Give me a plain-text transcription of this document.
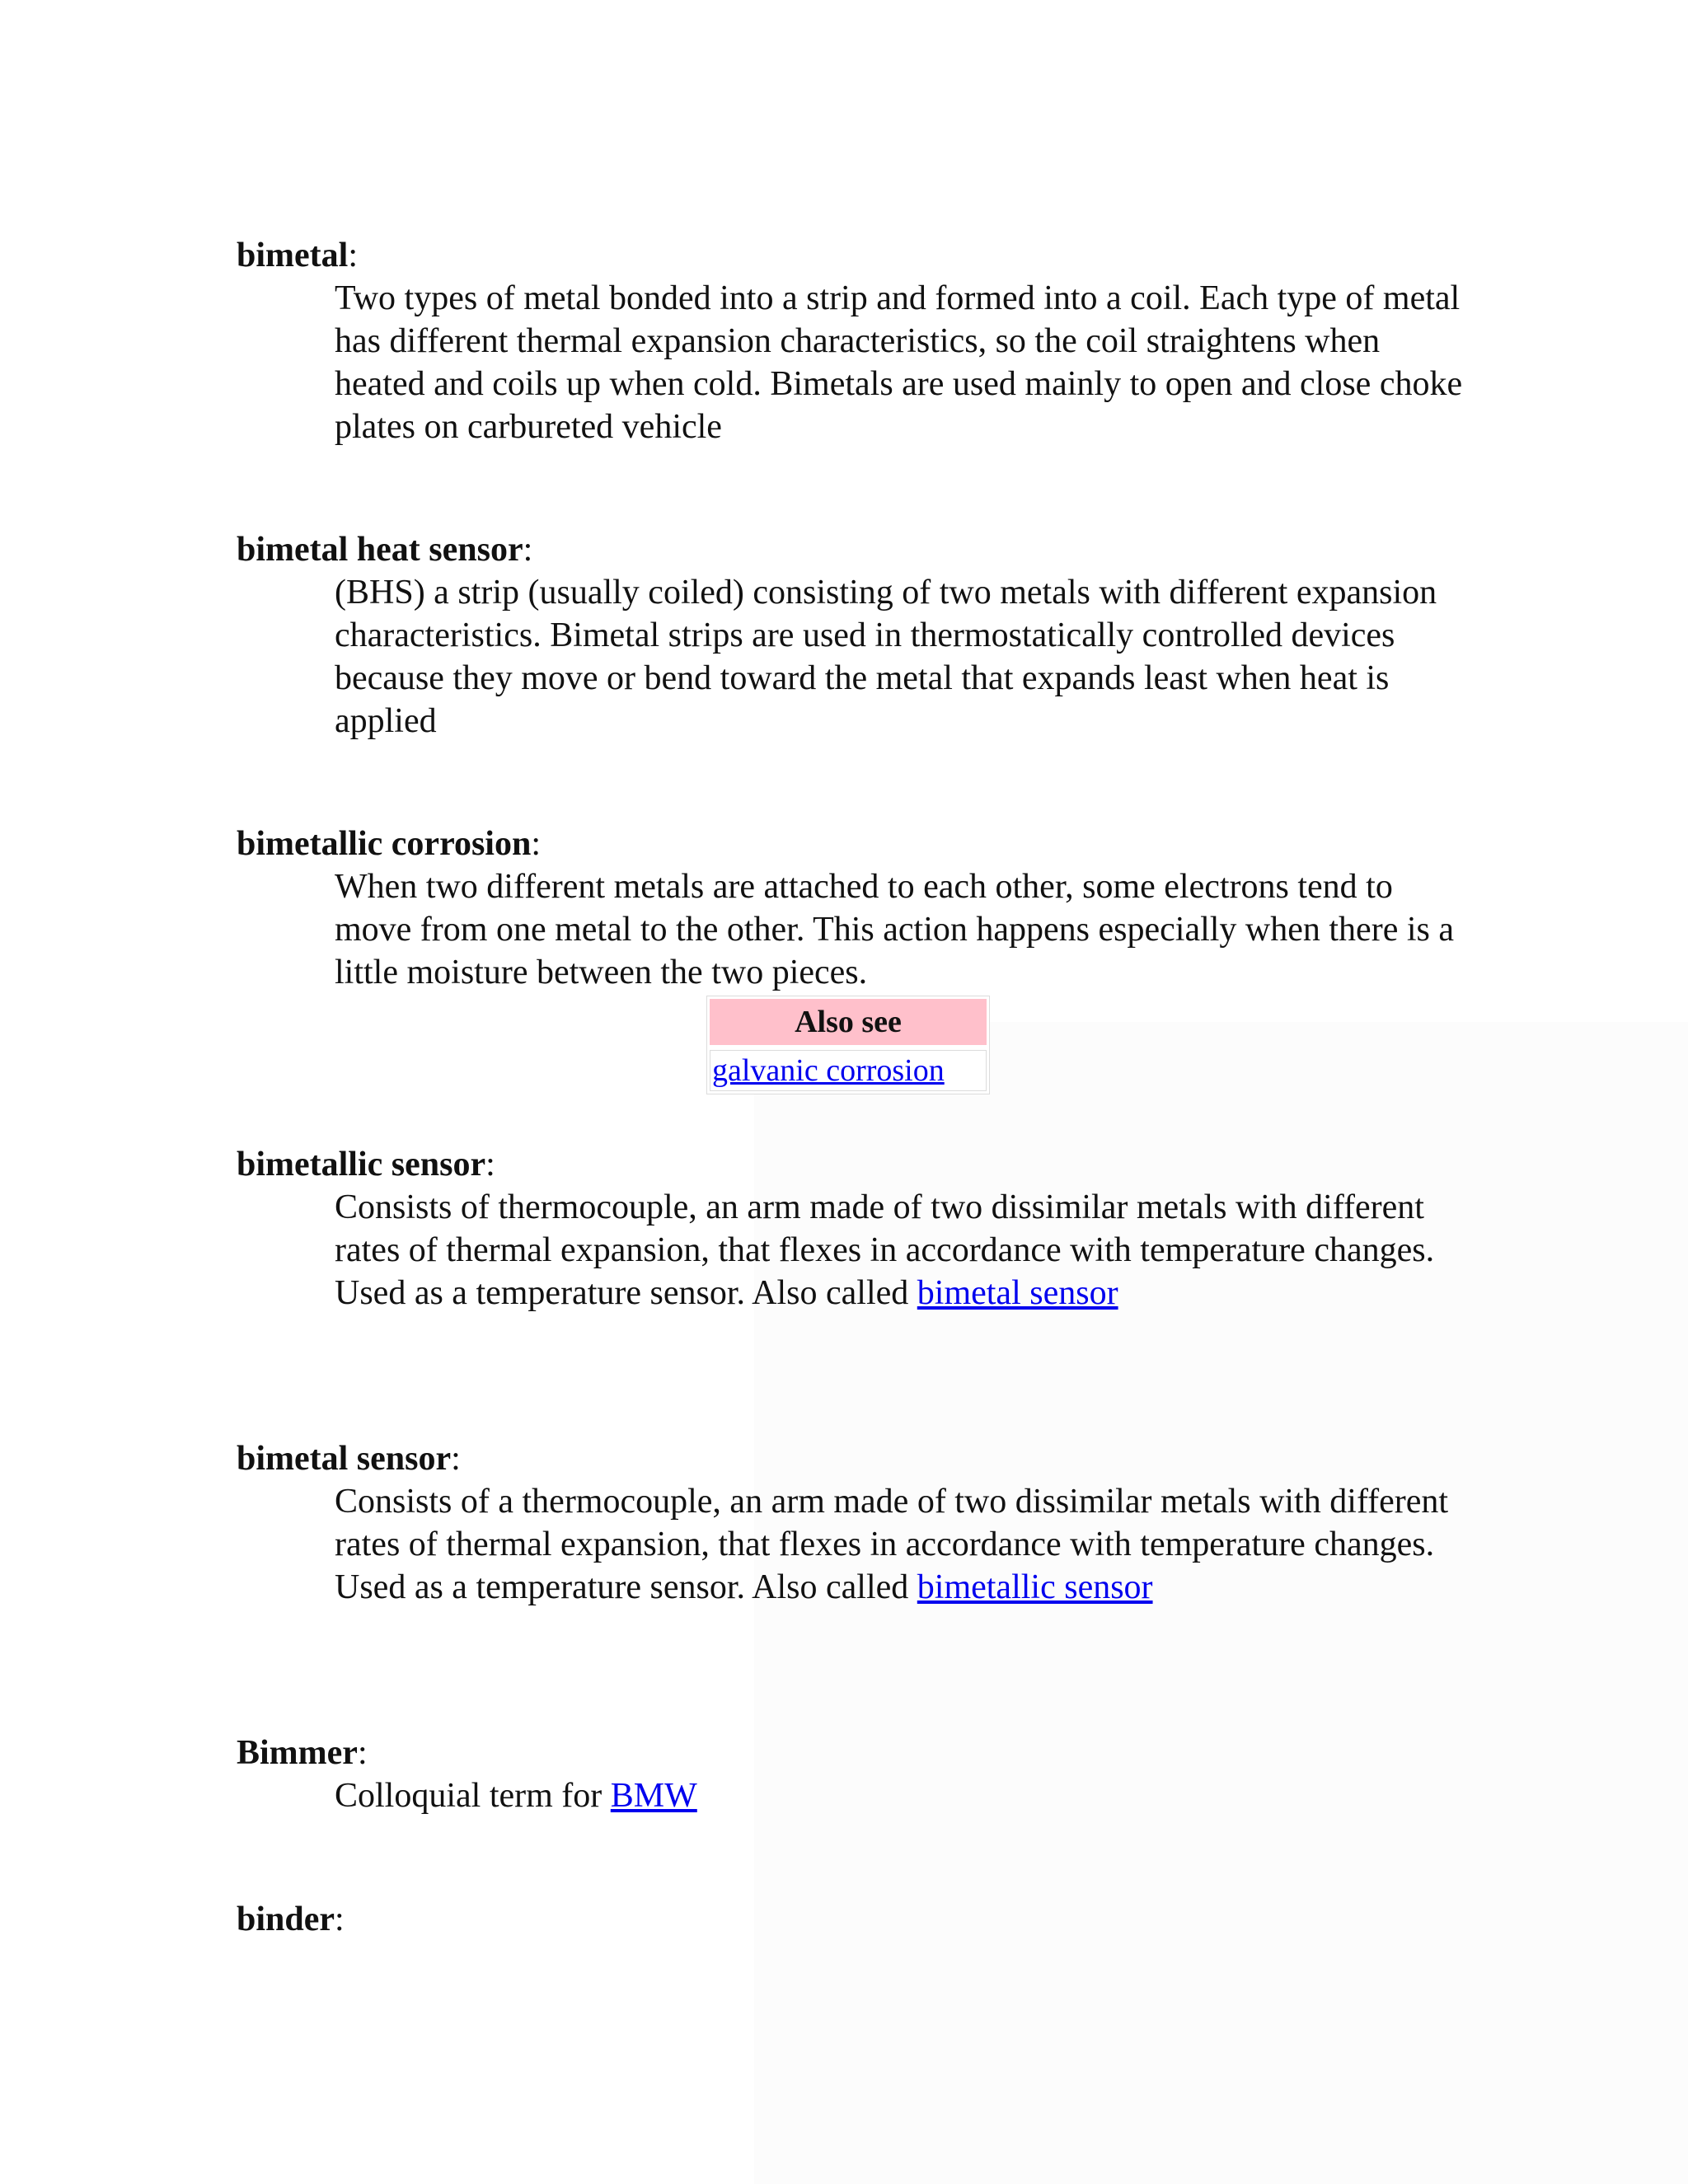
bimetal:

Two types of metal bonded into a strip and formed into a coil. Each type of metal has different thermal expansion characteristics, so the coil straightens when heated and coils up when cold. Bimetals are used mainly to open and close choke plates on carbureted vehicle

bimetal heat sensor:

(BHS) a strip (usually coiled) consisting of two metals with different expansion characteristics. Bimetal strips are used in thermostatically controlled devices because they move or bend toward the metal that expands least when heat is applied

bimetallic corrosion:

When two different metals are attached to each other, some electrons tend to move from one metal to the other. This action happens especially when there is a little moisture between the two pieces.

Also see
galvanic corrosion

bimetallic sensor:

Consists of thermocouple, an arm made of two dissimilar metals with different rates of thermal expansion, that flexes in accordance with temperature changes. Used as a temperature sensor. Also called bimetal sensor

bimetal sensor:

Consists of a thermocouple, an arm made of two dissimilar metals with different rates of thermal expansion, that flexes in accordance with temperature changes. Used as a temperature sensor. Also called bimetallic sensor

Bimmer:

Colloquial term for BMW

binder:
